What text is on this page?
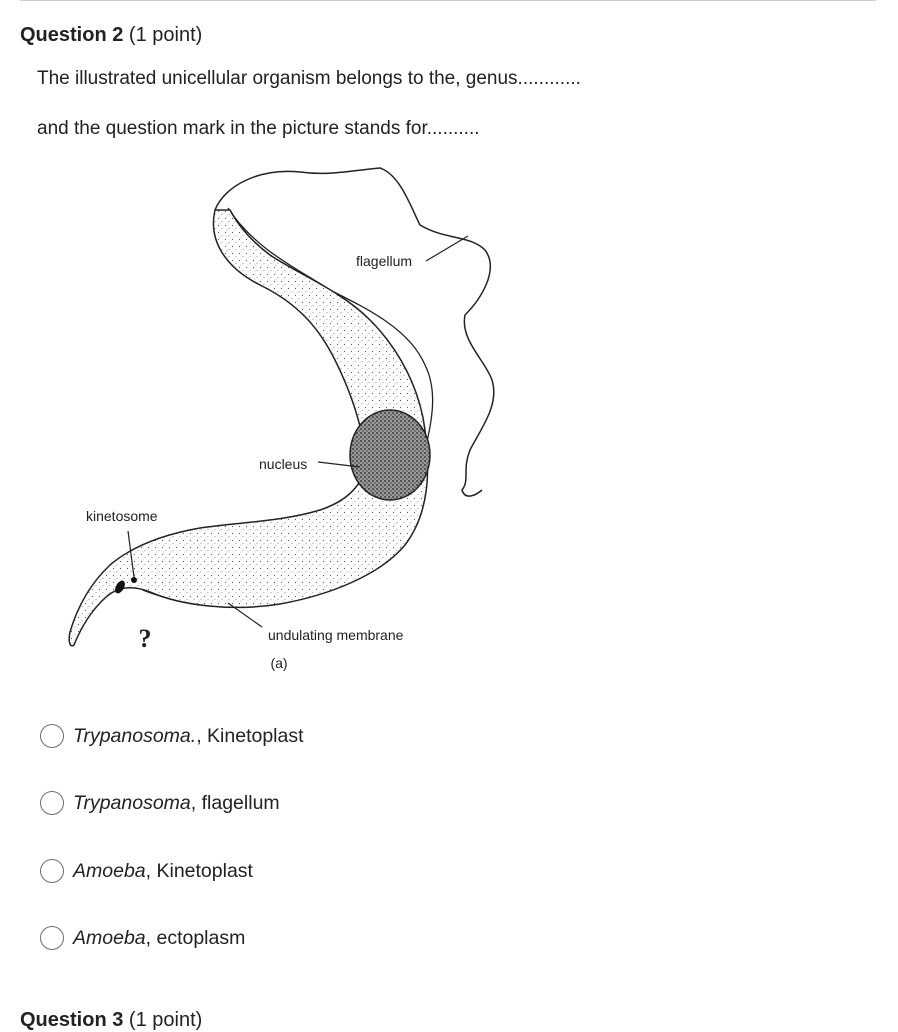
Question 2 (1 point)
The illustrated unicellular organism belongs to the, genus............
and the question mark in the picture stands for..........
flagellum
nucleus
kinetosome
?	undulating membrane
(a)
Trypanosoma. , Kinetoplast
Trypanosoma , flagellum
Amoeba , Kinetoplast
Amoeba , ectoplasm
Question 3 (1 point)
